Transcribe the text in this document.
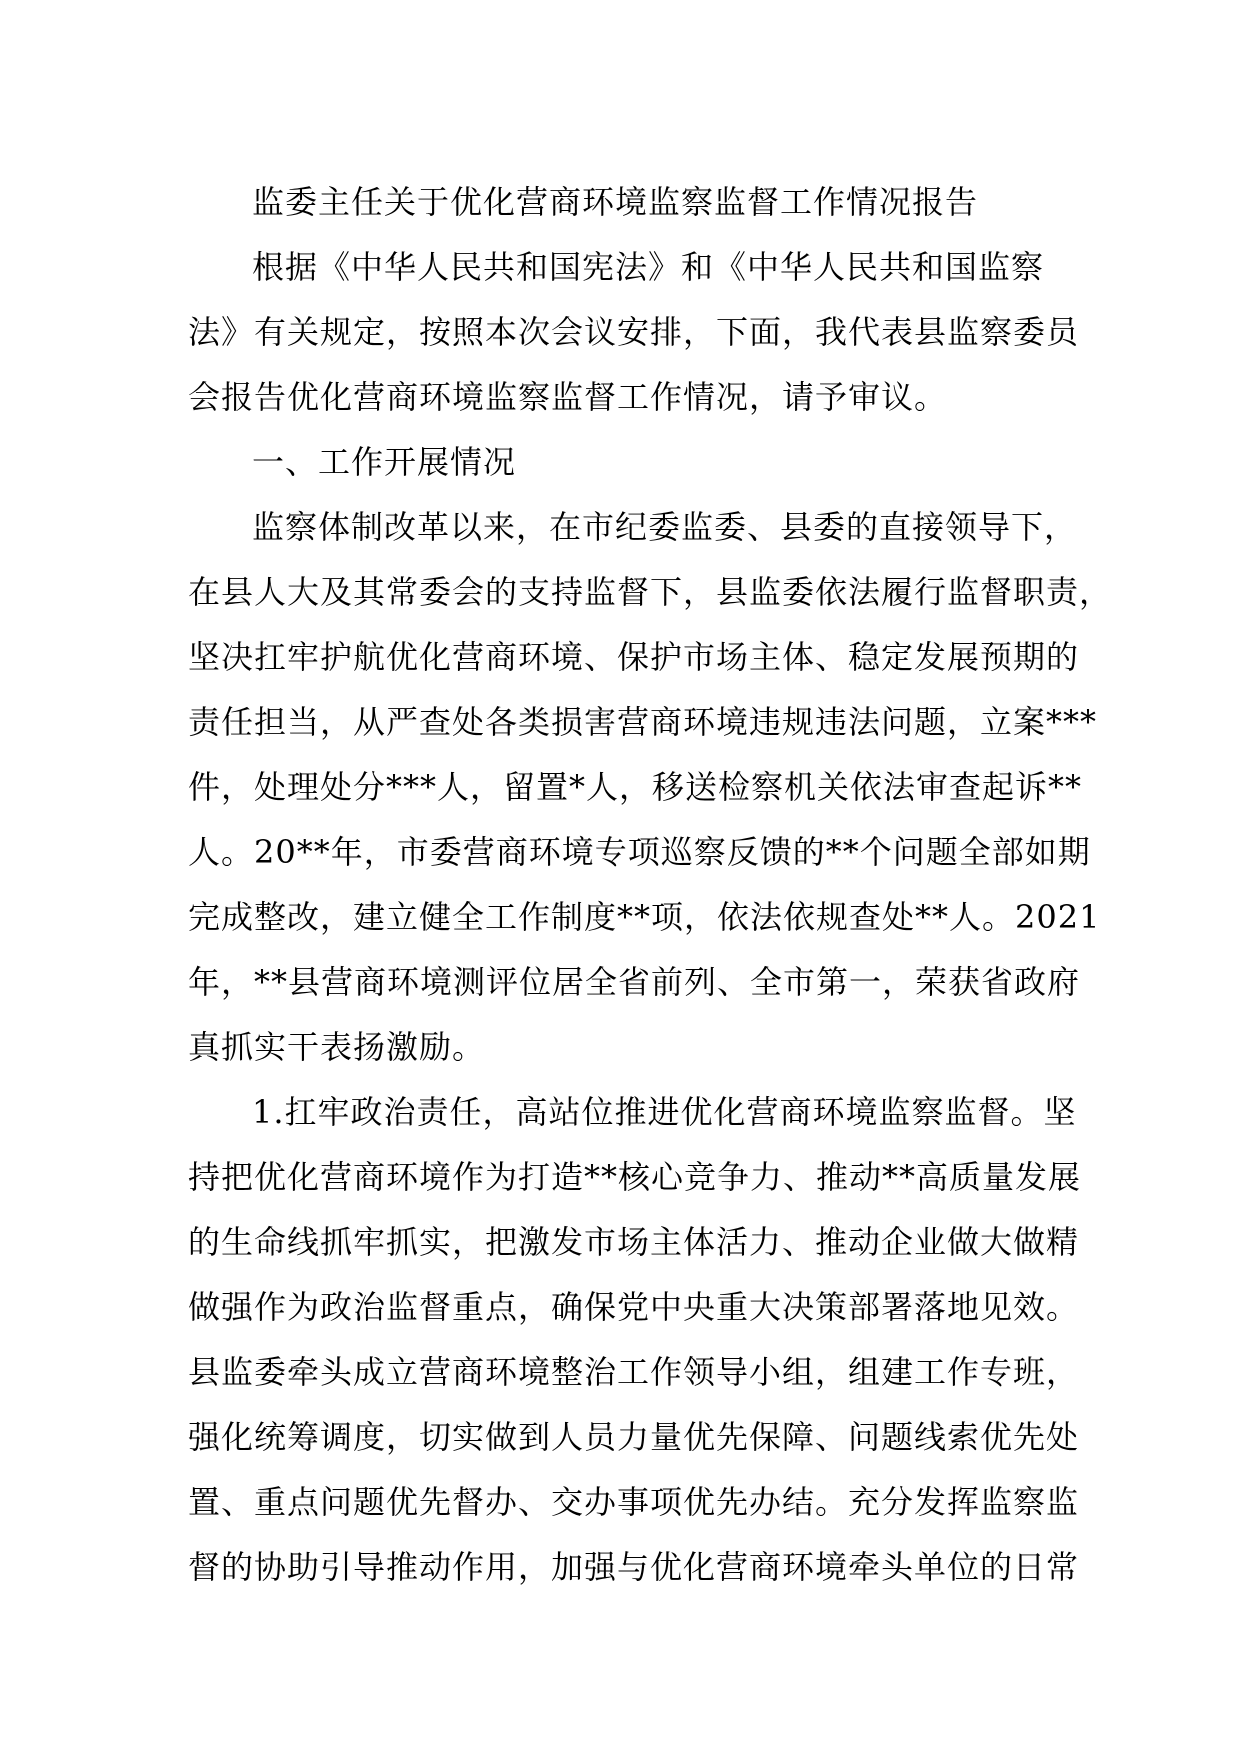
监委主任关于优化营商环境监察监督工作情况报告
根据《中华人民共和国宪法》和《中华人民共和国监察
法》有关规定，按照本次会议安排，下面，我代表县监察委员
会报告优化营商环境监察监督工作情况，请予审议。
一、工作开展情况
监察体制改革以来，在市纪委监委、县委的直接领导下，
在县人大及其常委会的支持监督下，县监委依法履行监督职责，
坚决扛牢护航优化营商环境、保护市场主体、稳定发展预期的
责任担当，从严查处各类损害营商环境违规违法问题，立案***
件，处理处分***人，留置*人，移送检察机关依法审查起诉**
人。20**年，市委营商环境专项巡察反馈的**个问题全部如期
完成整改，建立健全工作制度**项，依法依规查处**人。2021
年，**县营商环境测评位居全省前列、全市第一，荣获省政府
真抓实干表扬激励。
1.扛牢政治责任，高站位推进优化营商环境监察监督。坚
持把优化营商环境作为打造**核心竞争力、推动**高质量发展
的生命线抓牢抓实，把激发市场主体活力、推动企业做大做精
做强作为政治监督重点，确保党中央重大决策部署落地见效。
县监委牵头成立营商环境整治工作领导小组，组建工作专班，
强化统筹调度，切实做到人员力量优先保障、问题线索优先处
置、重点问题优先督办、交办事项优先办结。充分发挥监察监
督的协助引导推动作用，加强与优化营商环境牵头单位的日常
